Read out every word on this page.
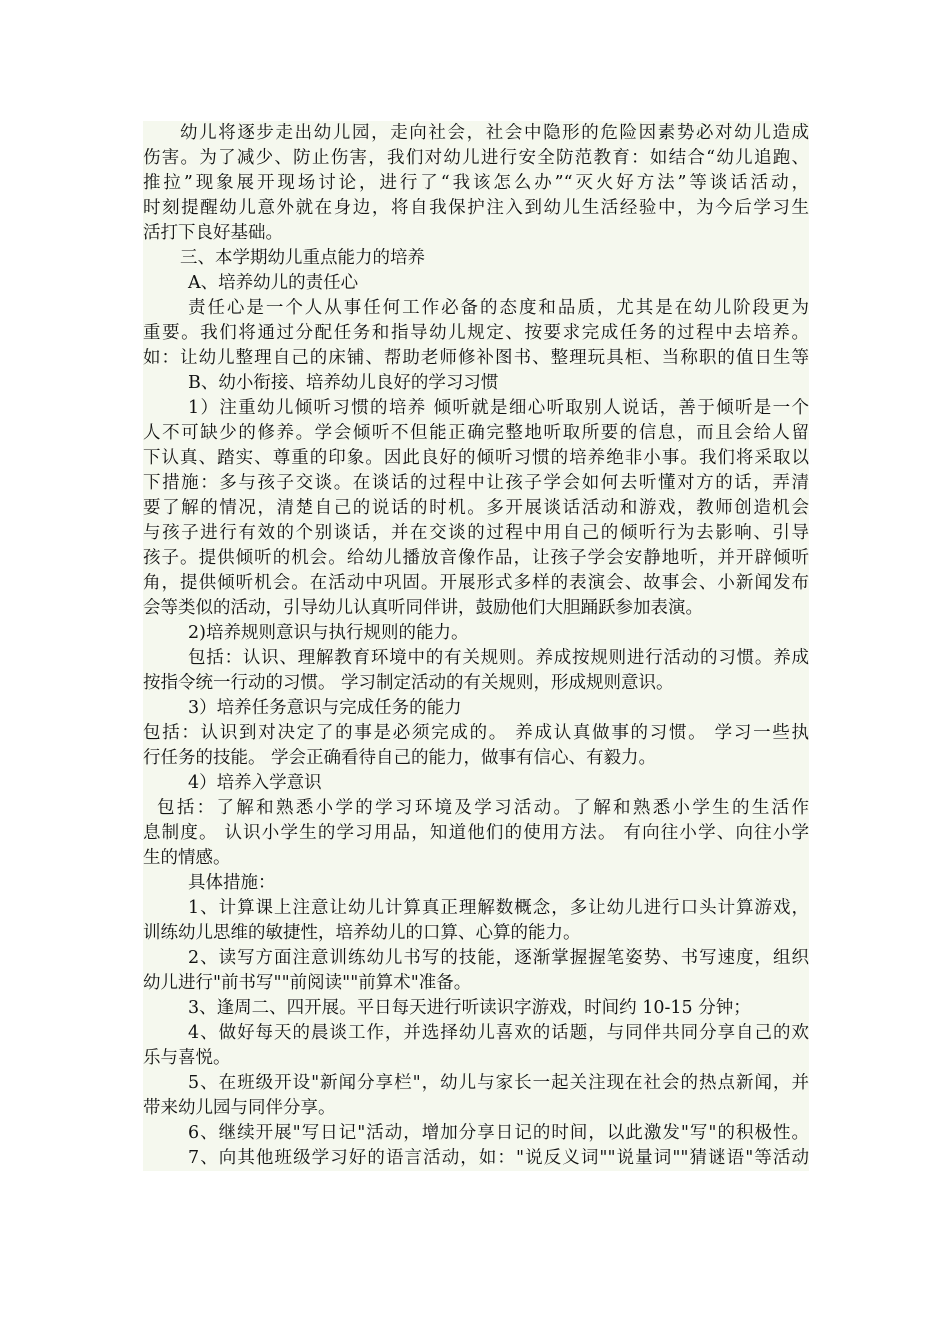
幼儿将逐步走出幼儿园，走向社会，社会中隐形的危险因素势必对幼儿造成
伤害。为了减少、防止伤害，我们对幼儿进行安全防范教育：如结合“幼儿追跑、
推拉”现象展开现场讨论，进行了“我该怎么办”“灭火好方法”等谈话活动，
时刻提醒幼儿意外就在身边，将自我保护注入到幼儿生活经验中，为今后学习生
活打下良好基础。
三、本学期幼儿重点能力的培养
A、培养幼儿的责任心
责任心是一个人从事任何工作必备的态度和品质，尤其是在幼儿阶段更为
重要。我们将通过分配任务和指导幼儿规定、按要求完成任务的过程中去培养。
如：让幼儿整理自己的床铺、帮助老师修补图书、整理玩具柜、当称职的值日生等
B、幼小衔接、培养幼儿良好的学习习惯
1）注重幼儿倾听习惯的培养 倾听就是细心听取别人说话，善于倾听是一个
人不可缺少的修养。学会倾听不但能正确完整地听取所要的信息，而且会给人留
下认真、踏实、尊重的印象。因此良好的倾听习惯的培养绝非小事。我们将采取以
下措施：多与孩子交谈。在谈话的过程中让孩子学会如何去听懂对方的话，弄清
要了解的情况，清楚自己的说话的时机。多开展谈话活动和游戏，教师创造机会
与孩子进行有效的个别谈话，并在交谈的过程中用自己的倾听行为去影响、引导
孩子。提供倾听的机会。给幼儿播放音像作品，让孩子学会安静地听，并开辟倾听
角，提供倾听机会。在活动中巩固。开展形式多样的表演会、故事会、小新闻发布
会等类似的活动，引导幼儿认真听同伴讲，鼓励他们大胆踊跃参加表演。
2)培养规则意识与执行规则的能力。
包括：认识、理解教育环境中的有关规则。养成按规则进行活动的习惯。养成
按指令统一行动的习惯。 学习制定活动的有关规则，形成规则意识。
3）培养任务意识与完成任务的能力
包括：认识到对决定了的事是必须完成的。 养成认真做事的习惯。 学习一些执
行任务的技能。 学会正确看待自己的能力，做事有信心、有毅力。
4）培养入学意识
包括：了解和熟悉小学的学习环境及学习活动。了解和熟悉小学生的生活作
息制度。 认识小学生的学习用品，知道他们的使用方法。 有向往小学、向往小学
生的情感。
具体措施：
1、计算课上注意让幼儿计算真正理解数概念，多让幼儿进行口头计算游戏，
训练幼儿思维的敏捷性，培养幼儿的口算、心算的能力。
2、读写方面注意训练幼儿书写的技能，逐渐掌握握笔姿势、书写速度，组织
幼儿进行"前书写""前阅读""前算术"准备。
3、逢周二、四开展。平日每天进行听读识字游戏，时间约 10-15 分钟；
4、做好每天的晨谈工作，并选择幼儿喜欢的话题，与同伴共同分享自己的欢
乐与喜悦。
5、在班级开设"新闻分享栏"，幼儿与家长一起关注现在社会的热点新闻，并
带来幼儿园与同伴分享。
6、继续开展"写日记"活动，增加分享日记的时间，以此激发"写"的积极性。
7、向其他班级学习好的语言活动，如："说反义词""说量词""猜谜语"等活动
